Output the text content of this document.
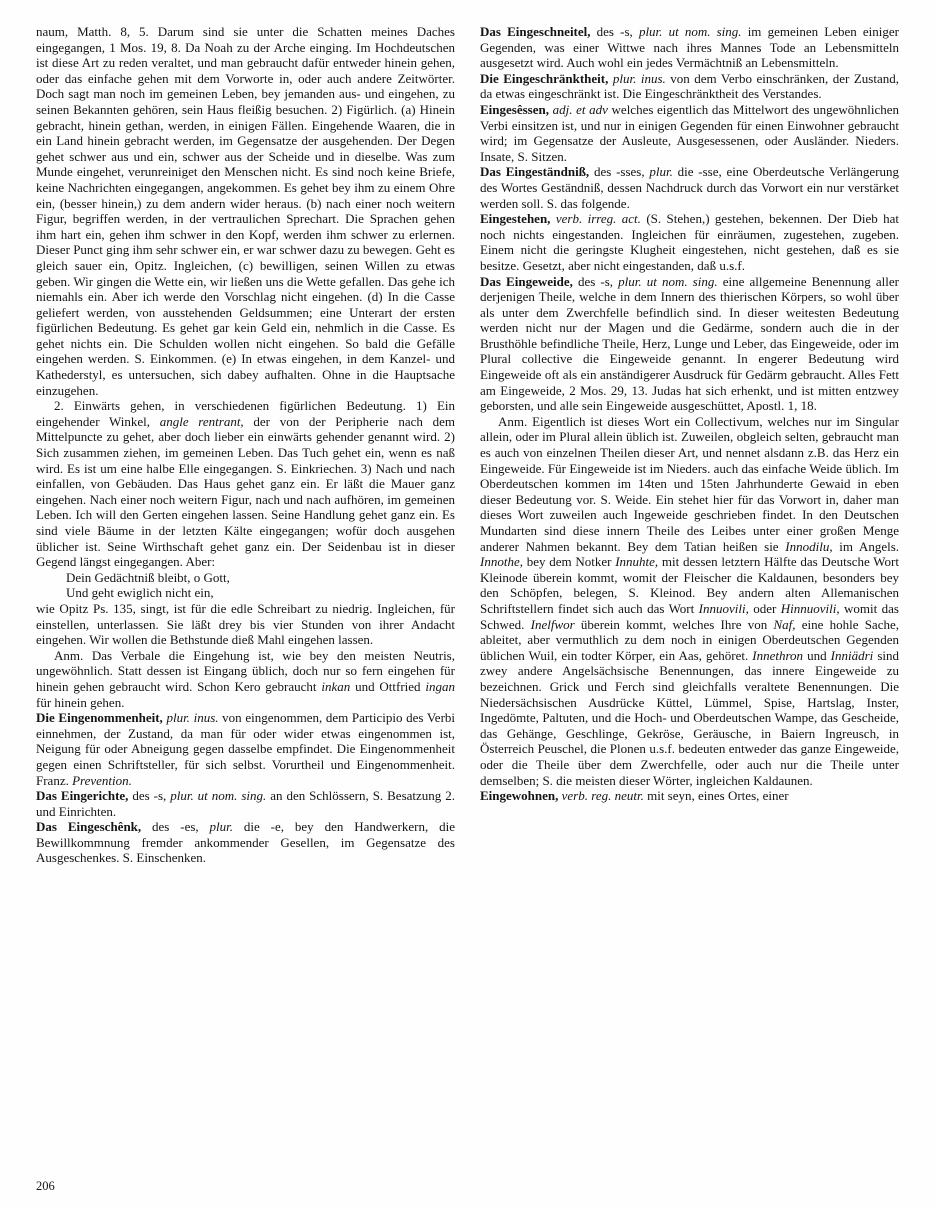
naum, Matth. 8, 5. Darum sind sie unter die Schatten meines Daches eingegangen, 1 Mos. 19, 8. Da Noah zu der Arche einging. Im Hochdeutschen ist diese Art zu reden veraltet, und man gebraucht dafür entweder hinein gehen, oder das einfache gehen mit dem Vorworte in, oder auch andere Zeitwörter. Doch sagt man noch im gemeinen Leben, bey jemanden aus- und eingehen, zu seinen Bekannten gehören, sein Haus fleißig besuchen. 2) Figürlich. (a) Hinein gebracht, hinein gethan, werden, in einigen Fällen. Eingehende Waaren, die in ein Land hinein gebracht werden, im Gegensatze der ausgehenden. Der Degen gehet schwer aus und ein, schwer aus der Scheide und in dieselbe. Was zum Munde eingehet, verunreiniget den Menschen nicht. Es sind noch keine Briefe, keine Nachrichten eingegangen, angekommen. Es gehet bey ihm zu einem Ohre ein, (besser hinein,) zu dem andern wider heraus. (b) nach einer noch weitern Figur, begriffen werden, in der vertraulichen Sprechart. Die Sprachen gehen ihm hart ein, gehen ihm schwer in den Kopf, werden ihm schwer zu erlernen. Dieser Punct ging ihm sehr schwer ein, er war schwer dazu zu bewegen. Geht es gleich sauer ein, Opitz. Ingleichen, (c) bewilligen, seinen Willen zu etwas geben. Wir gingen die Wette ein, wir ließen uns die Wette gefallen. Das gehe ich niemahls ein. Aber ich werde den Vorschlag nicht eingehen. (d) In die Casse geliefert werden, von ausstehenden Geldsummen; eine Unterart der ersten figürlichen Bedeutung. Es gehet gar kein Geld ein, nehmlich in die Casse. Es gehet nichts ein. Die Schulden wollen nicht eingehen. So bald die Gefälle eingehen werden. S. Einkommen. (e) In etwas eingehen, in dem Kanzel- und Kathederstyl, es untersuchen, sich dabey aufhalten. Ohne in die Hauptsache einzugehen.

2. Einwärts gehen, in verschiedenen figürlichen Bedeutung. 1) Ein eingehender Winkel, angle rentrant, der von der Peripherie nach dem Mittelpuncte zu gehet, aber doch lieber ein einwärts gehender genannt wird. 2) Sich zusammen ziehen, im gemeinen Leben. Das Tuch gehet ein, wenn es naß wird. Es ist um eine halbe Elle eingegangen. S. Einkriechen. 3) Nach und nach einfallen, von Gebäuden. Das Haus gehet ganz ein. Er läßt die Mauer ganz eingehen. Nach einer noch weitern Figur, nach und nach aufhören, im gemeinen Leben. Ich will den Gerten eingehen lassen. Seine Handlung gehet ganz ein. Es sind viele Bäume in der letzten Kälte eingegangen; wofür doch ausgehen üblicher ist. Seine Wirthschaft gehet ganz ein. Der Seidenbau ist in dieser Gegend längst eingegangen. Aber:

Dein Gedächtniß bleibt, o Gott,

Und geht ewiglich nicht ein,

wie Opitz Ps. 135, singt, ist für die edle Schreibart zu niedrig. Ingleichen, für einstellen, unterlassen. Sie läßt drey bis vier Stunden von ihrer Andacht eingehen. Wir wollen die Bethstunde dieß Mahl eingehen lassen.

Anm. Das Verbale die Eingehung ist, wie bey den meisten Neutris, ungewöhnlich. Statt dessen ist Eingang üblich, doch nur so fern eingehen für hinein gehen gebraucht wird. Schon Kero gebraucht inkan und Ottfried ingan für hinein gehen.

Die Eingenommenheit, plur. inus. von eingenommen, dem Participio des Verbi einnehmen, der Zustand, da man für oder wider etwas eingenommen ist, Neigung für oder Abneigung gegen dasselbe empfindet. Die Eingenommenheit gegen einen Schriftsteller, für sich selbst. Vorurtheil und Eingenommenheit. Franz. Prevention.

Das Eingerichte, des -s, plur. ut nom. sing. an den Schlössern, S. Besatzung 2. und Einrichten.

Das Eingeschênk, des -es, plur. die -e, bey den Handwerkern, die Bewillkommnung fremder ankommender Gesellen, im Gegensatze des Ausgeschenkes. S. Einschenken.

Das Eingeschneitel, des -s, plur. ut nom. sing. im gemeinen Leben einiger Gegenden, was einer Wittwe nach ihres Mannes Tode an Lebensmitteln ausgesetzt wird. Auch wohl ein jedes Vermächtniß an Lebensmitteln.

Die Eingeschränktheit, plur. inus. von dem Verbo einschränken, der Zustand, da etwas eingeschränkt ist. Die Eingeschränktheit des Verstandes.

Eingesêssen, adj. et adv welches eigentlich das Mittelwort des ungewöhnlichen Verbi einsitzen ist, und nur in einigen Gegenden für einen Einwohner gebraucht wird; im Gegensatze der Ausleute, Ausgesessenen, oder Ausländer. Nieders. Insate, S. Sitzen.

Das Eingeständniß, des -sses, plur. die -sse, eine Oberdeutsche Verlängerung des Wortes Geständniß, dessen Nachdruck durch das Vorwort ein nur verstärket werden soll. S. das folgende.

Eingestehen, verb. irreg. act. (S. Stehen,) gestehen, bekennen. Der Dieb hat noch nichts eingestanden. Ingleichen für einräumen, zugestehen, zugeben. Einem nicht die geringste Klugheit eingestehen, nicht gestehen, daß es sie besitze. Gesetzt, aber nicht eingestanden, daß u.s.f.

Das Eingeweide, des -s, plur. ut nom. sing. eine allgemeine Benennung aller derjenigen Theile, welche in dem Innern des thierischen Körpers, so wohl über als unter dem Zwerchfelle befindlich sind. In dieser weitesten Bedeutung werden nicht nur der Magen und die Gedärme, sondern auch die in der Brusthöhle befindliche Theile, Herz, Lunge und Leber, das Eingeweide, oder im Plural collective die Eingeweide genannt. In engerer Bedeutung wird Eingeweide oft als ein anständigerer Ausdruck für Gedärm gebraucht. Alles Fett am Eingeweide, 2 Mos. 29, 13. Judas hat sich erhenkt, und ist mitten entzwey geborsten, und alle sein Eingeweide ausgeschüttet, Apostl. 1, 18.

Anm. Eigentlich ist dieses Wort ein Collectivum, welches nur im Singular allein, oder im Plural allein üblich ist. Zuweilen, obgleich selten, gebraucht man es auch von einzelnen Theilen dieser Art, und nennet alsdann z.B. das Herz ein Eingeweide. Für Eingeweide ist im Nieders. auch das einfache Weide üblich. Im Oberdeutschen kommen im 14ten und 15ten Jahrhunderte Gewaid in eben dieser Bedeutung vor. S. Weide. Ein stehet hier für das Vorwort in, daher man dieses Wort zuweilen auch Ingeweide geschrieben findet. In den Deutschen Mundarten sind diese innern Theile des Leibes unter einer großen Menge anderer Nahmen bekannt. Bey dem Tatian heißen sie Innodilu, im Angels. Innothe, bey dem Notker Innuhte, mit dessen letztern Hälfte das Deutsche Wort Kleinode überein kommt, womit der Fleischer die Kaldaunen, besonders bey den Schöpfen, belegen, S. Kleinod. Bey andern alten Allemanischen Schriftstellern findet sich auch das Wort Innuovili, oder Hinnuovili, womit das Schwed. Inelfwor überein kommt, welches Ihre von Naf, eine hohle Sache, ableitet, aber vermuthlich zu dem noch in einigen Oberdeutschen Gegenden üblichen Wuil, ein todter Körper, ein Aas, gehöret. Innethron und Inniädri sind zwey andere Angelsächsische Benennungen, das innere Eingeweide zu bezeichnen. Grick und Ferch sind gleichfalls veraltete Benennungen. Die Niedersächsischen Ausdrücke Küttel, Lümmel, Spise, Hartslag, Inster, Ingedömte, Paltuten, und die Hoch- und Oberdeutschen Wampe, das Gescheide, das Gehänge, Geschlinge, Gekröse, Geräusche, in Baiern Ingreusch, in Österreich Peuschel, die Plonen u.s.f. bedeuten entweder das ganze Eingeweide, oder die Theile über dem Zwerchfelle, oder auch nur die Theile unter demselben; S. die meisten dieser Wörter, ingleichen Kaldaunen.

Eingewohnen, verb. reg. neutr. mit seyn, eines Ortes, einer

206
